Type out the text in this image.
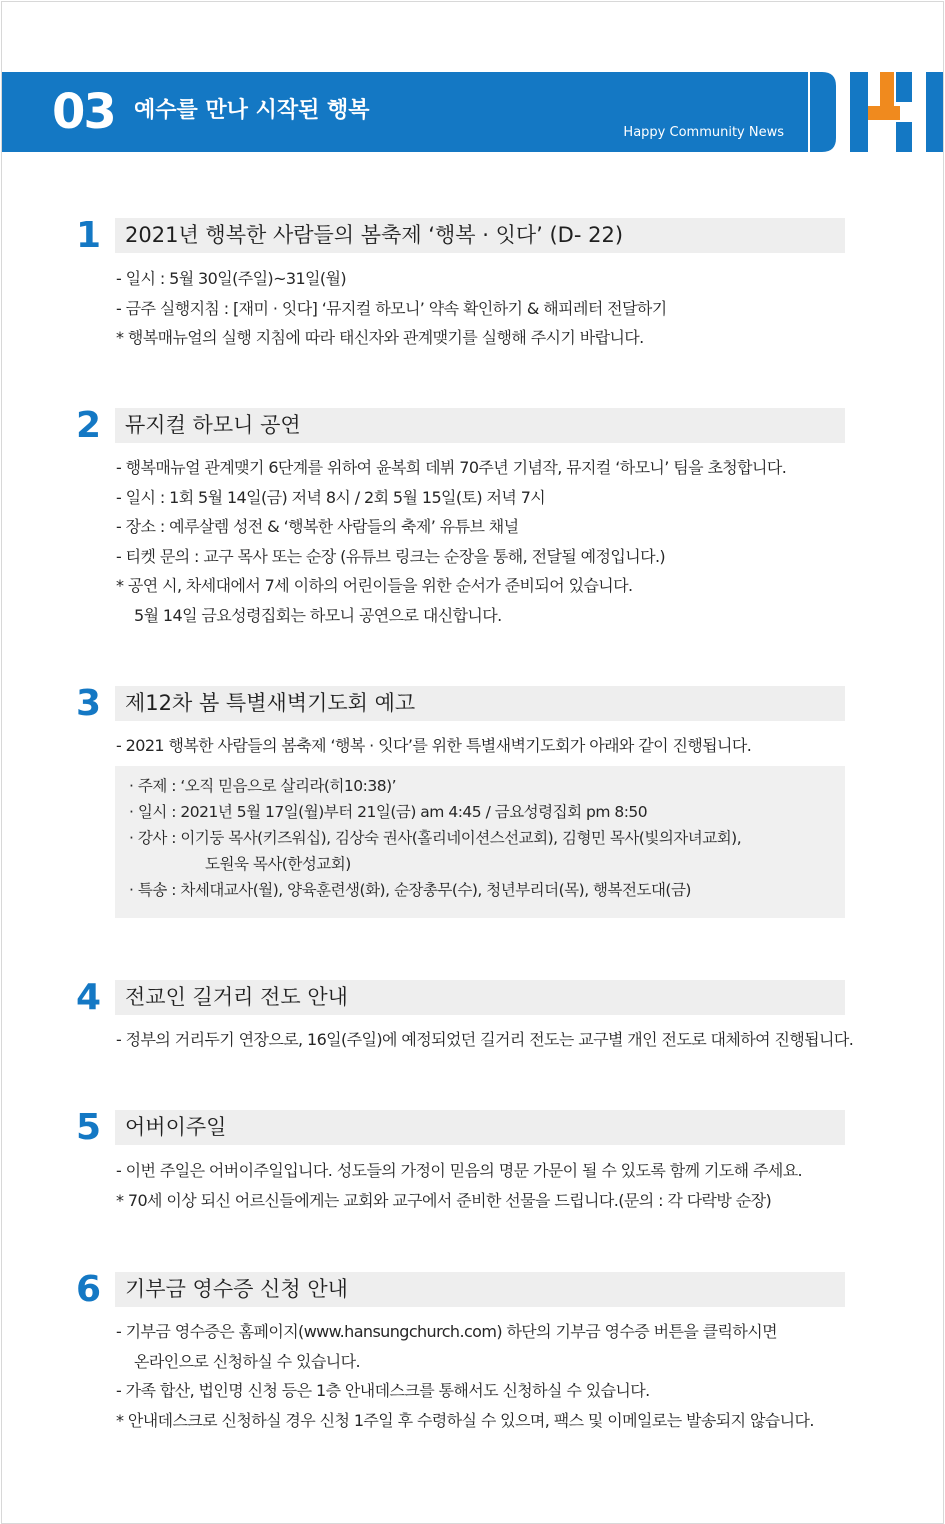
03 예수를 만나 시작된 행복
Happy Community News
1	2021년 행복한 사람들의 봄축제 ‘행복 · 잇다’ (D- 22)
- 일시 : 5월 30일(주일)~31일(월)
- 금주 실행지침 : [재미 · 잇다] ‘뮤지컬 하모니’ 약속 확인하기 & 해피레터 전달하기
* 행복매뉴얼의 실행 지침에 따라 태신자와 관계맺기를 실행해 주시기 바랍니다.
2	뮤지컬 하모니 공연
- 행복매뉴얼 관계맺기 6단계를 위하여 윤복희 데뷔 70주년 기념작, 뮤지컬 ‘하모니’ 팀을 초청합니다.
- 일시 : 1회 5월 14일(금) 저녁 8시 / 2회 5월 15일(토) 저녁 7시
- 장소 : 예루살렘 성전 & ‘행복한 사람들의 축제’ 유튜브 채널
- 티켓 문의 : 교구 목사 또는 순장 (유튜브 링크는 순장을 통해, 전달될 예정입니다.)
* 공연 시, 차세대에서 7세 이하의 어린이들을 위한 순서가 준비되어 있습니다.
5월 14일 금요성령집회는 하모니 공연으로 대신합니다.
3	제12차 봄 특별새벽기도회 예고
- 2021 행복한 사람들의 봄축제 ‘행복 · 잇다’를 위한 특별새벽기도회가 아래와 같이 진행됩니다.
· 주제 : ‘오직 믿음으로 살리라(히10:38)’
· 일시 : 2021년 5월 17일(월)부터 21일(금) am 4:45 / 금요성령집회 pm 8:50
· 강사 : 이기둥 목사(키즈워십), 김상숙 권사(홀리네이션스선교회), 김형민 목사(빛의자녀교회),
도원욱 목사(한성교회)
· 특송 : 차세대교사(월), 양육훈련생(화), 순장총무(수), 청년부리더(목), 행복전도대(금)
4	전교인 길거리 전도 안내
- 정부의 거리두기 연장으로, 16일(주일)에 예정되었던 길거리 전도는 교구별 개인 전도로 대체하여 진행됩니다.
5	어버이주일
- 이번 주일은 어버이주일입니다. 성도들의 가정이 믿음의 명문 가문이 될 수 있도록 함께 기도해 주세요.
* 70세 이상 되신 어르신들에게는 교회와 교구에서 준비한 선물을 드립니다.(문의 : 각 다락방 순장)
6	기부금 영수증 신청 안내
- 기부금 영수증은 홈페이지(www.hansungchurch.com) 하단의 기부금 영수증 버튼을 클릭하시면
온라인으로 신청하실 수 있습니다.
- 가족 합산, 법인명 신청 등은 1층 안내데스크를 통해서도 신청하실 수 있습니다.
* 안내데스크로 신청하실 경우 신청 1주일 후 수령하실 수 있으며, 팩스 및 이메일로는 발송되지 않습니다.
